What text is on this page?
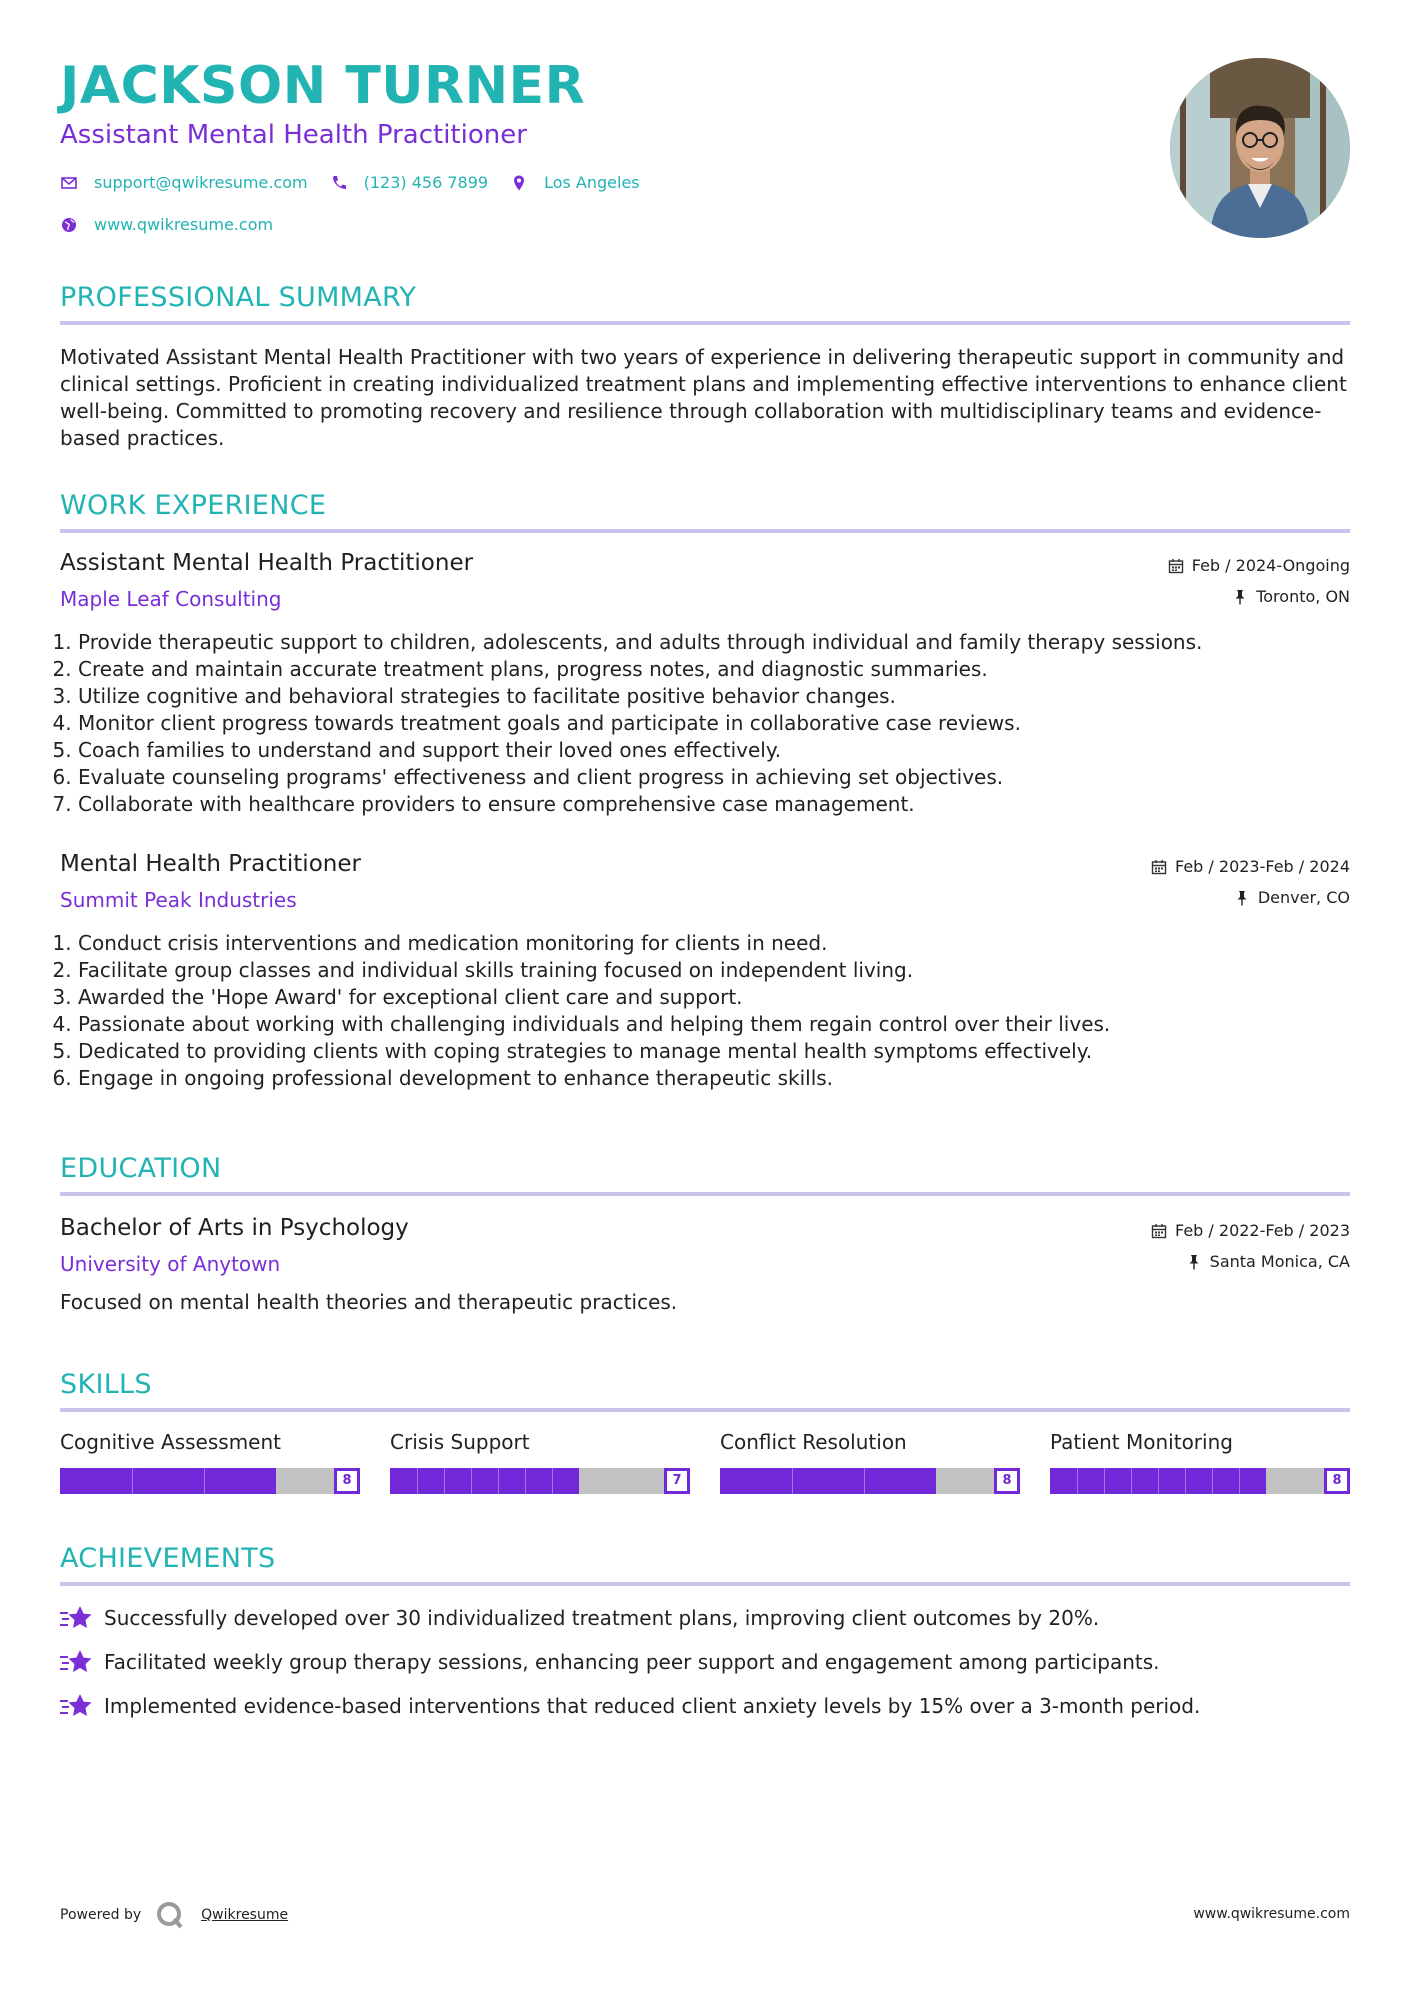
JACKSON TURNER
Assistant Mental Health Practitioner
support@qwikresume.com	(123) 456 7899	Los Angeles
www.qwikresume.com
PROFESSIONAL SUMMARY

Motivated Assistant Mental Health Practitioner with two years of experience in delivering therapeutic support in community and clinical settings. Proficient in creating individualized treatment plans and implementing effective interventions to enhance client well-being. Committed to promoting recovery and resilience through collaboration with multidisciplinary teams and evidence-based practices.

WORK EXPERIENCE
Assistant Mental Health Practitioner
Maple Leaf Consulting
Feb / 2024-Ongoing
Toronto, ON
1. Provide therapeutic support to children, adolescents, and adults through individual and family therapy sessions.
2. Create and maintain accurate treatment plans, progress notes, and diagnostic summaries.
3. Utilize cognitive and behavioral strategies to facilitate positive behavior changes.
4. Monitor client progress towards treatment goals and participate in collaborative case reviews.
5. Coach families to understand and support their loved ones effectively.
6. Evaluate counseling programs' effectiveness and client progress in achieving set objectives.
7. Collaborate with healthcare providers to ensure comprehensive case management.
Mental Health Practitioner
Summit Peak Industries
Feb / 2023-Feb / 2024
Denver, CO
1. Conduct crisis interventions and medication monitoring for clients in need.
2. Facilitate group classes and individual skills training focused on independent living.
3. Awarded the 'Hope Award' for exceptional client care and support.
4. Passionate about working with challenging individuals and helping them regain control over their lives.
5. Dedicated to providing clients with coping strategies to manage mental health symptoms effectively.
6. Engage in ongoing professional development to enhance therapeutic skills.
EDUCATION
Bachelor of Arts in Psychology
University of Anytown
Feb / 2022-Feb / 2023
Santa Monica, CA

Focused on mental health theories and therapeutic practices.

SKILLS
Cognitive Assessment
8
Crisis Support
7
Conflict Resolution
8
Patient Monitoring
8
ACHIEVEMENTS
Successfully developed over 30 individualized treatment plans, improving client outcomes by 20%.
Facilitated weekly group therapy sessions, enhancing peer support and engagement among participants.
Implemented evidence-based interventions that reduced client anxiety levels by 15% over a 3-month period.
Powered by	Qwikresume	www.qwikresume.com
